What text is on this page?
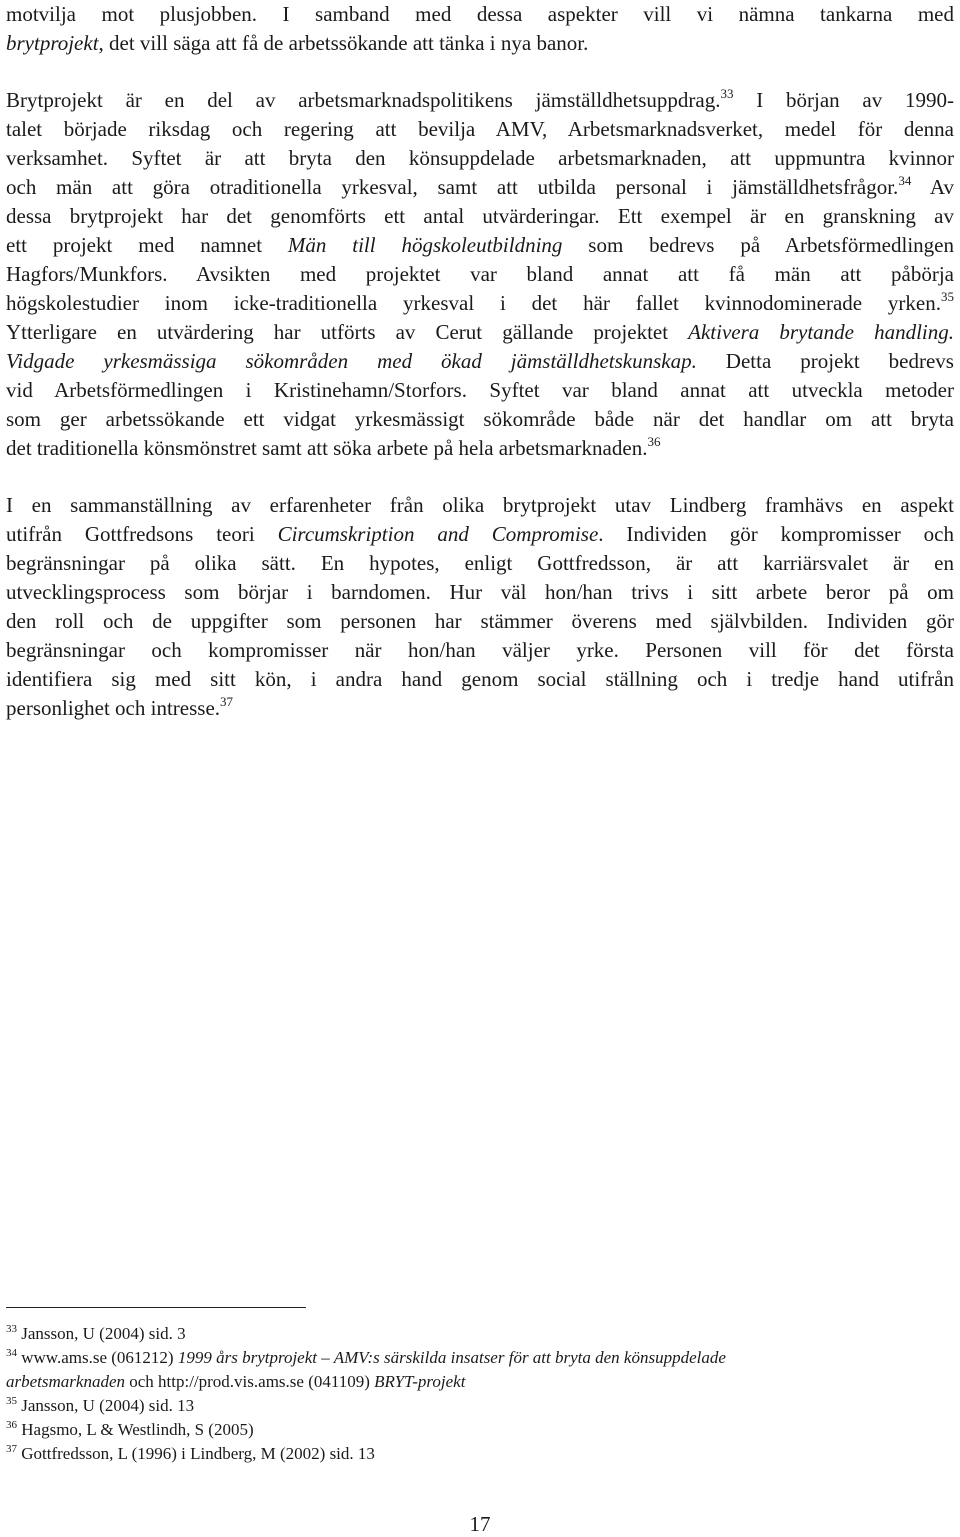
motvilja mot plusjobben. I samband med dessa aspekter vill vi nämna tankarna med
brytprojekt, det vill säga att få de arbetssökande att tänka i nya banor.
Brytprojekt är en del av arbetsmarknadspolitikens jämställdhetsuppdrag.$^{33}$ I början av 1990-
talet började riksdag och regering att bevilja AMV, Arbetsmarknadsverket, medel för denna
verksamhet. Syftet är att bryta den könsuppdelade arbetsmarknaden, att uppmuntra kvinnor
och män att göra otraditionella yrkesval, samt att utbilda personal i jämställdhetsfrågor.$^{34}$ Av
dessa brytprojekt har det genomförts ett antal utvärderingar. Ett exempel är en granskning av
ett projekt med namnet Män till högskoleutbildning som bedrevs på Arbetsförmedlingen
Hagfors/Munkfors. Avsikten med projektet var bland annat att få män att påbörja
högskolestudier inom icke-traditionella yrkesval i det här fallet kvinnodominerade yrken.$^{35}$
Ytterligare en utvärdering har utförts av Cerut gällande projektet Aktivera brytande handling.
Vidgade yrkesmässiga sökområden med ökad jämställdhetskunskap. Detta projekt bedrevs
vid Arbetsförmedlingen i Kristinehamn/Storfors. Syftet var bland annat att utveckla metoder
som ger arbetssökande ett vidgat yrkesmässigt sökområde både när det handlar om att bryta
det traditionella könsmönstret samt att söka arbete på hela arbetsmarknaden.$^{36}$
I en sammanställning av erfarenheter från olika brytprojekt utav Lindberg framhävs en aspekt
utifrån Gottfredsons teori Circumskription and Compromise. Individen gör kompromisser och
begränsningar på olika sätt. En hypotes, enligt Gottfredsson, är att karriärsvalet är en
utvecklingsprocess som börjar i barndomen. Hur väl hon/han trivs i sitt arbete beror på om
den roll och de uppgifter som personen har stämmer överens med självbilden. Individen gör
begränsningar och kompromisser när hon/han väljer yrke. Personen vill för det första
identifiera sig med sitt kön, i andra hand genom social ställning och i tredje hand utifrån
personlighet och intresse.$^{37}$
$^{33}$ Jansson, U (2004) sid. 3
$^{34}$ www.ams.se (061212) 1999 års brytprojekt – AMV:s särskilda insatser för att bryta den könsuppdelade
arbetsmarknaden och http://prod.vis.ams.se (041109) BRYT-projekt
$^{35}$ Jansson, U (2004) sid. 13
$^{36}$ Hagsmo, L & Westlindh, S (2005)
$^{37}$ Gottfredsson, L (1996) i Lindberg, M (2002) sid. 13
17
